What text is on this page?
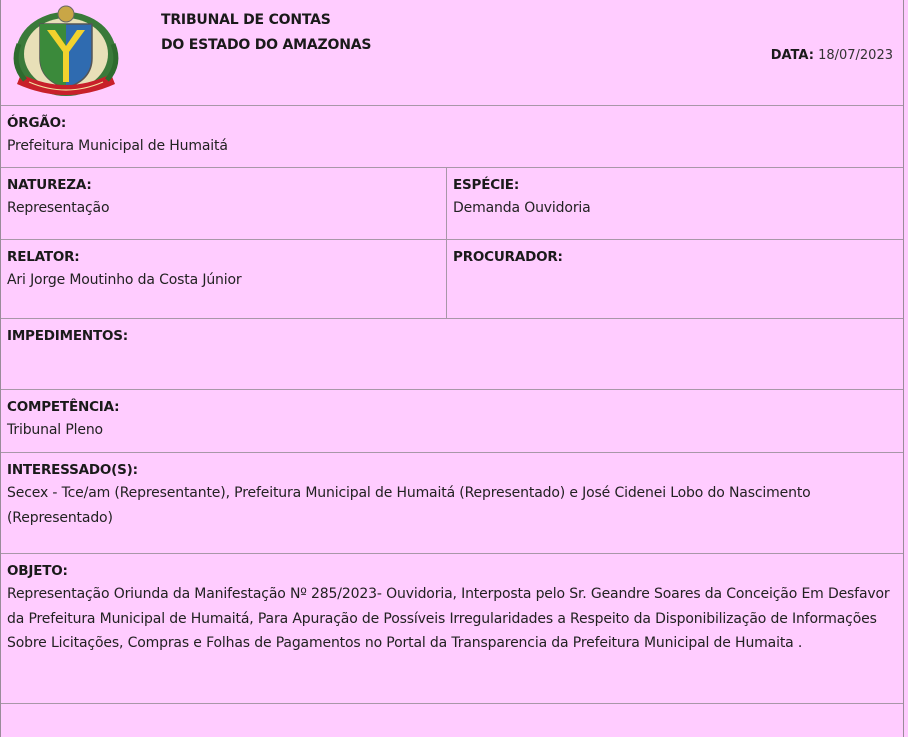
TRIBUNAL DE CONTAS
DO ESTADO DO AMAZONAS
DATA: 18/07/2023
ÓRGÃO:
Prefeitura Municipal de Humaitá
NATUREZA:
Representação
ESPÉCIE:
Demanda Ouvidoria
RELATOR:
Ari Jorge Moutinho da Costa Júnior
PROCURADOR:
IMPEDIMENTOS:
COMPETÊNCIA:
Tribunal Pleno
INTERESSADO(S):
Secex - Tce/am (Representante), Prefeitura Municipal de Humaitá (Representado) e José Cidenei Lobo do Nascimento (Representado)
OBJETO:
Representação Oriunda da Manifestação Nº 285/2023- Ouvidoria, Interposta pelo Sr. Geandre Soares da Conceição Em Desfavor da Prefeitura Municipal de Humaitá, Para Apuração de Possíveis Irregularidades a Respeito da Disponibilização de Informações Sobre Licitações, Compras e Folhas de Pagamentos no Portal da Transparencia da Prefeitura Municipal de Humaita .
